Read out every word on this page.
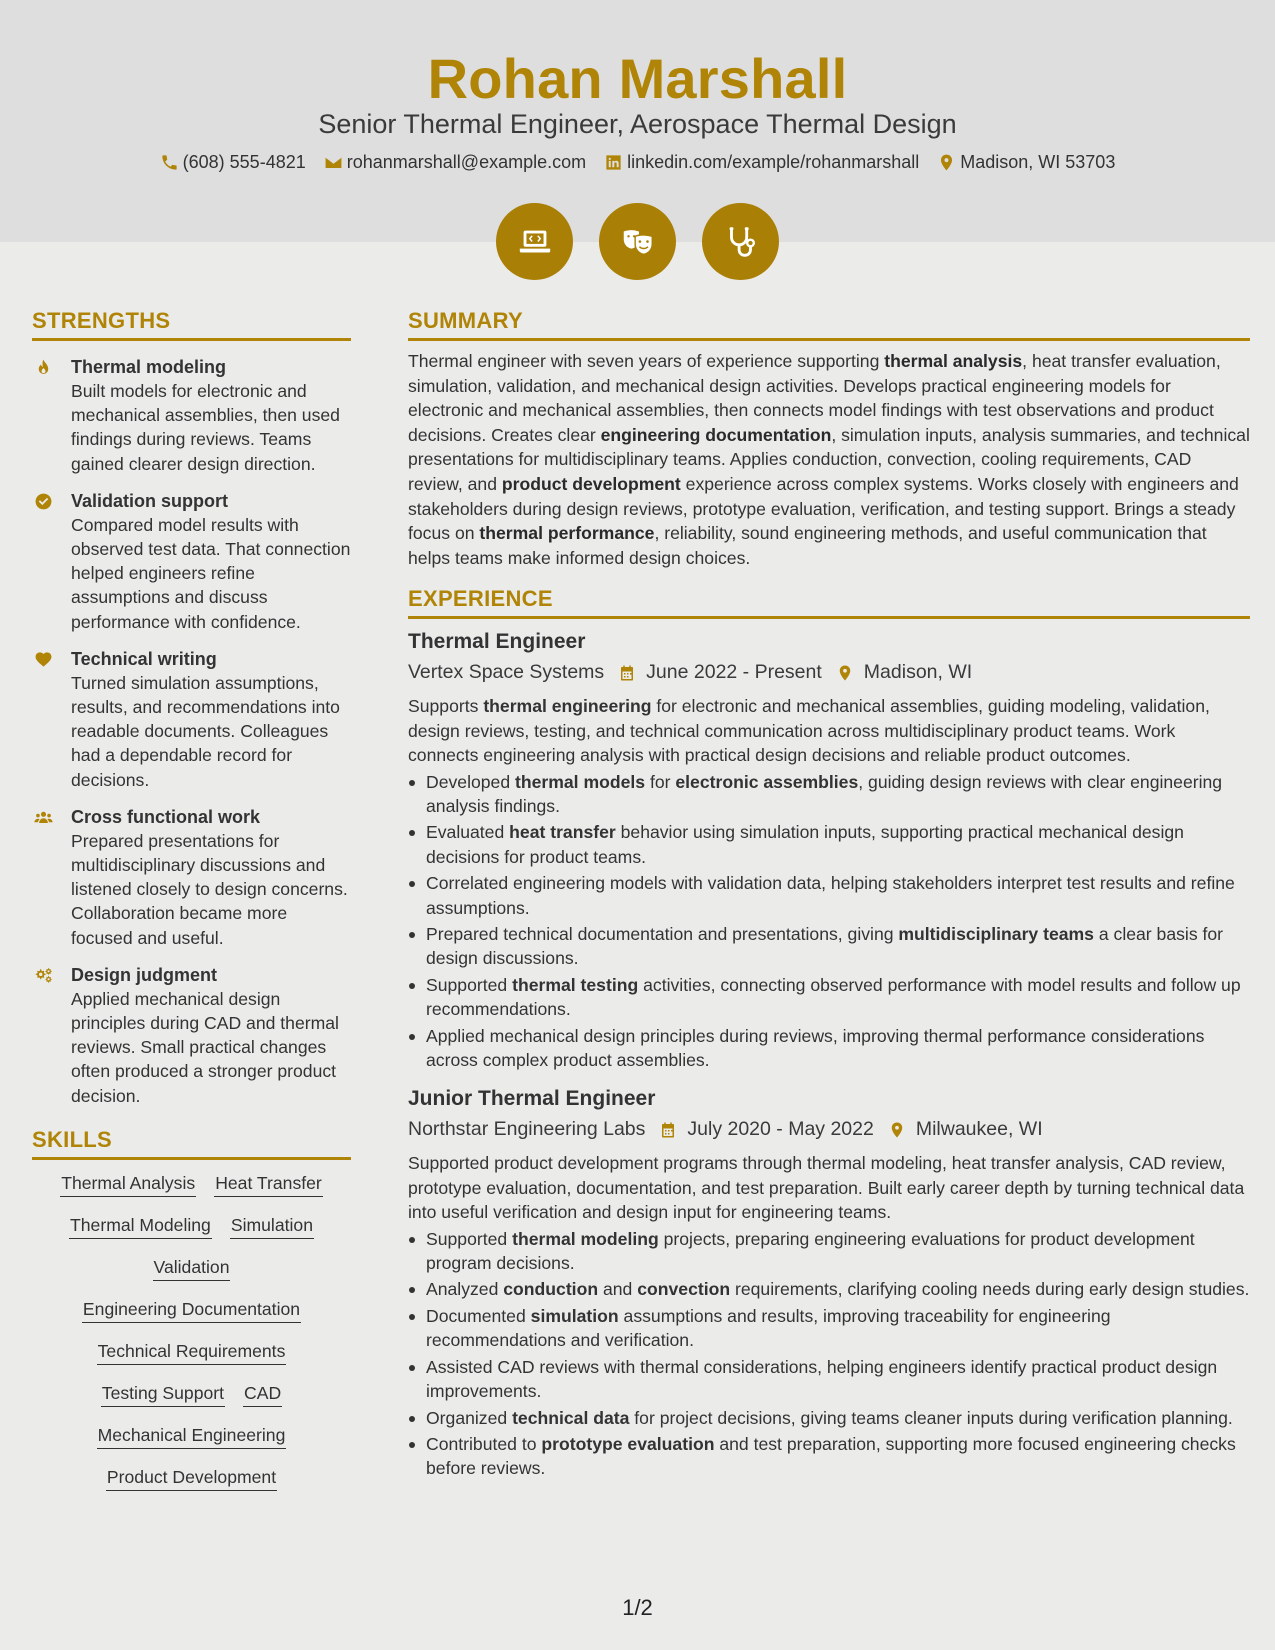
Rohan Marshall
Senior Thermal Engineer, Aerospace Thermal Design
(608) 555-4821 rohanmarshall@example.com linkedin.com/example/rohanmarshall Madison, WI 53703
STRENGTHS
Thermal modeling
Built models for electronic and mechanical assemblies, then used findings during reviews. Teams gained clearer design direction.
Validation support
Compared model results with observed test data. That connection helped engineers refine assumptions and discuss performance with confidence.
Technical writing
Turned simulation assumptions, results, and recommendations into readable documents. Colleagues had a dependable record for decisions.
Cross functional work
Prepared presentations for multidisciplinary discussions and listened closely to design concerns. Collaboration became more focused and useful.
Design judgment
Applied mechanical design principles during CAD and thermal reviews. Small practical changes often produced a stronger product decision.
SKILLS
Thermal Analysis Heat Transfer
Thermal Modeling Simulation
Validation
Engineering Documentation
Technical Requirements
Testing Support CAD
Mechanical Engineering
Product Development
SUMMARY
Thermal engineer with seven years of experience supporting thermal analysis, heat transfer evaluation, simulation, validation, and mechanical design activities. Develops practical engineering models for electronic and mechanical assemblies, then connects model findings with test observations and product decisions. Creates clear engineering documentation, simulation inputs, analysis summaries, and technical presentations for multidisciplinary teams. Applies conduction, convection, cooling requirements, CAD review, and product development experience across complex systems. Works closely with engineers and stakeholders during design reviews, prototype evaluation, verification, and testing support. Brings a steady focus on thermal performance, reliability, sound engineering methods, and useful communication that helps teams make informed design choices.
EXPERIENCE
Thermal Engineer
Vertex Space Systems June 2022 - Present Madison, WI
Supports thermal engineering for electronic and mechanical assemblies, guiding modeling, validation, design reviews, testing, and technical communication across multidisciplinary product teams. Work connects engineering analysis with practical design decisions and reliable product outcomes.
Developed thermal models for electronic assemblies, guiding design reviews with clear engineering analysis findings.
Evaluated heat transfer behavior using simulation inputs, supporting practical mechanical design decisions for product teams.
Correlated engineering models with validation data, helping stakeholders interpret test results and refine assumptions.
Prepared technical documentation and presentations, giving multidisciplinary teams a clear basis for design discussions.
Supported thermal testing activities, connecting observed performance with model results and follow up recommendations.
Applied mechanical design principles during reviews, improving thermal performance considerations across complex product assemblies.
Junior Thermal Engineer
Northstar Engineering Labs July 2020 - May 2022 Milwaukee, WI
Supported product development programs through thermal modeling, heat transfer analysis, CAD review, prototype evaluation, documentation, and test preparation. Built early career depth by turning technical data into useful verification and design input for engineering teams.
Supported thermal modeling projects, preparing engineering evaluations for product development program decisions.
Analyzed conduction and convection requirements, clarifying cooling needs during early design studies.
Documented simulation assumptions and results, improving traceability for engineering recommendations and verification.
Assisted CAD reviews with thermal considerations, helping engineers identify practical product design improvements.
Organized technical data for project decisions, giving teams cleaner inputs during verification planning.
Contributed to prototype evaluation and test preparation, supporting more focused engineering checks before reviews.
1/2
